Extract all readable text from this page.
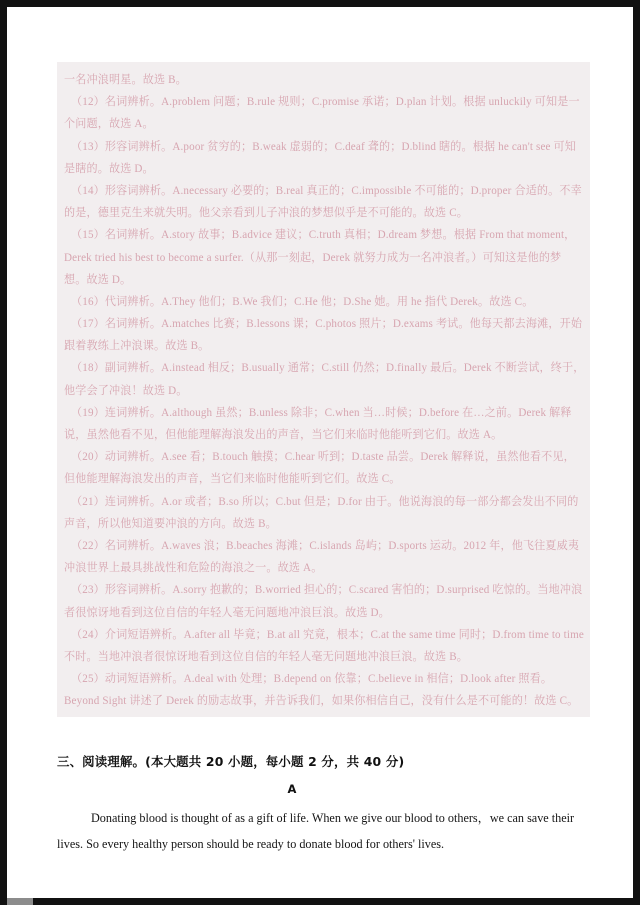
一名冲浪明星。故选 B。
（12）名词辨析。A.problem 问题；B.rule 规则；C.promise 承诺；D.plan 计划。根据 unluckily 可知是一
个问题，故选 A。
（13）形容词辨析。A.poor 贫穷的；B.weak 虚弱的；C.deaf 聋的；D.blind 瞎的。根据 he can't see 可知
是瞎的。故选 D。
（14）形容词辨析。A.necessary 必要的；B.real 真正的；C.impossible 不可能的；D.proper 合适的。不幸
的是，德里克生来就失明。他父亲看到儿子冲浪的梦想似乎是不可能的。故选 C。
（15）名词辨析。A.story 故事；B.advice 建议；C.truth 真相；D.dream 梦想。根据 From that moment，
Derek tried his best to become a surfer.（从那一刻起，Derek 就努力成为一名冲浪者。）可知这是他的梦
想。故选 D。
（16）代词辨析。A.They 他们；B.We 我们；C.He 他；D.She 她。用 he 指代 Derek。故选 C。
（17）名词辨析。A.matches 比赛；B.lessons 课；C.photos 照片；D.exams 考试。他每天都去海滩，开始
跟着教练上冲浪课。故选 B。
（18）副词辨析。A.instead 相反；B.usually 通常；C.still 仍然；D.finally 最后。Derek 不断尝试，终于，
他学会了冲浪！故选 D。
（19）连词辨析。A.although 虽然；B.unless 除非；C.when 当…时候；D.before 在…之前。Derek 解释
说，虽然他看不见，但他能理解海浪发出的声音，当它们来临时他能听到它们。故选 A。
（20）动词辨析。A.see 看；B.touch 触摸；C.hear 听到；D.taste 品尝。Derek 解释说，虽然他看不见，
但他能理解海浪发出的声音，当它们来临时他能听到它们。故选 C。
（21）连词辨析。A.or 或者；B.so 所以；C.but 但是；D.for 由于。他说海浪的每一部分都会发出不同的
声音，所以他知道要冲浪的方向。故选 B。
（22）名词辨析。A.waves 浪；B.beaches 海滩；C.islands 岛屿；D.sports 运动。2012 年，他飞往夏威夷
冲浪世界上最具挑战性和危险的海浪之一。故选 A。
（23）形容词辨析。A.sorry 抱歉的；B.worried 担心的；C.scared 害怕的；D.surprised 吃惊的。当地冲浪
者很惊讶地看到这位自信的年轻人毫无问题地冲浪巨浪。故选 D。
（24）介词短语辨析。A.after all 毕竟；B.at all 究竟，根本；C.at the same time 同时；D.from time to time
不时。当地冲浪者很惊讶地看到这位自信的年轻人毫无问题地冲浪巨浪。故选 B。
（25）动词短语辨析。A.deal with 处理；B.depend on 依靠；C.believe in 相信；D.look after 照看。
Beyond Sight 讲述了 Derek 的励志故事，并告诉我们，如果你相信自己，没有什么是不可能的！故选 C。
三、阅读理解。(本大题共 20 小题，每小题 2 分，共 40 分)
A
Donating blood is thought of as a gift of life. When we give our blood to others，we can save their lives. So every healthy person should be ready to donate blood for others' lives.
